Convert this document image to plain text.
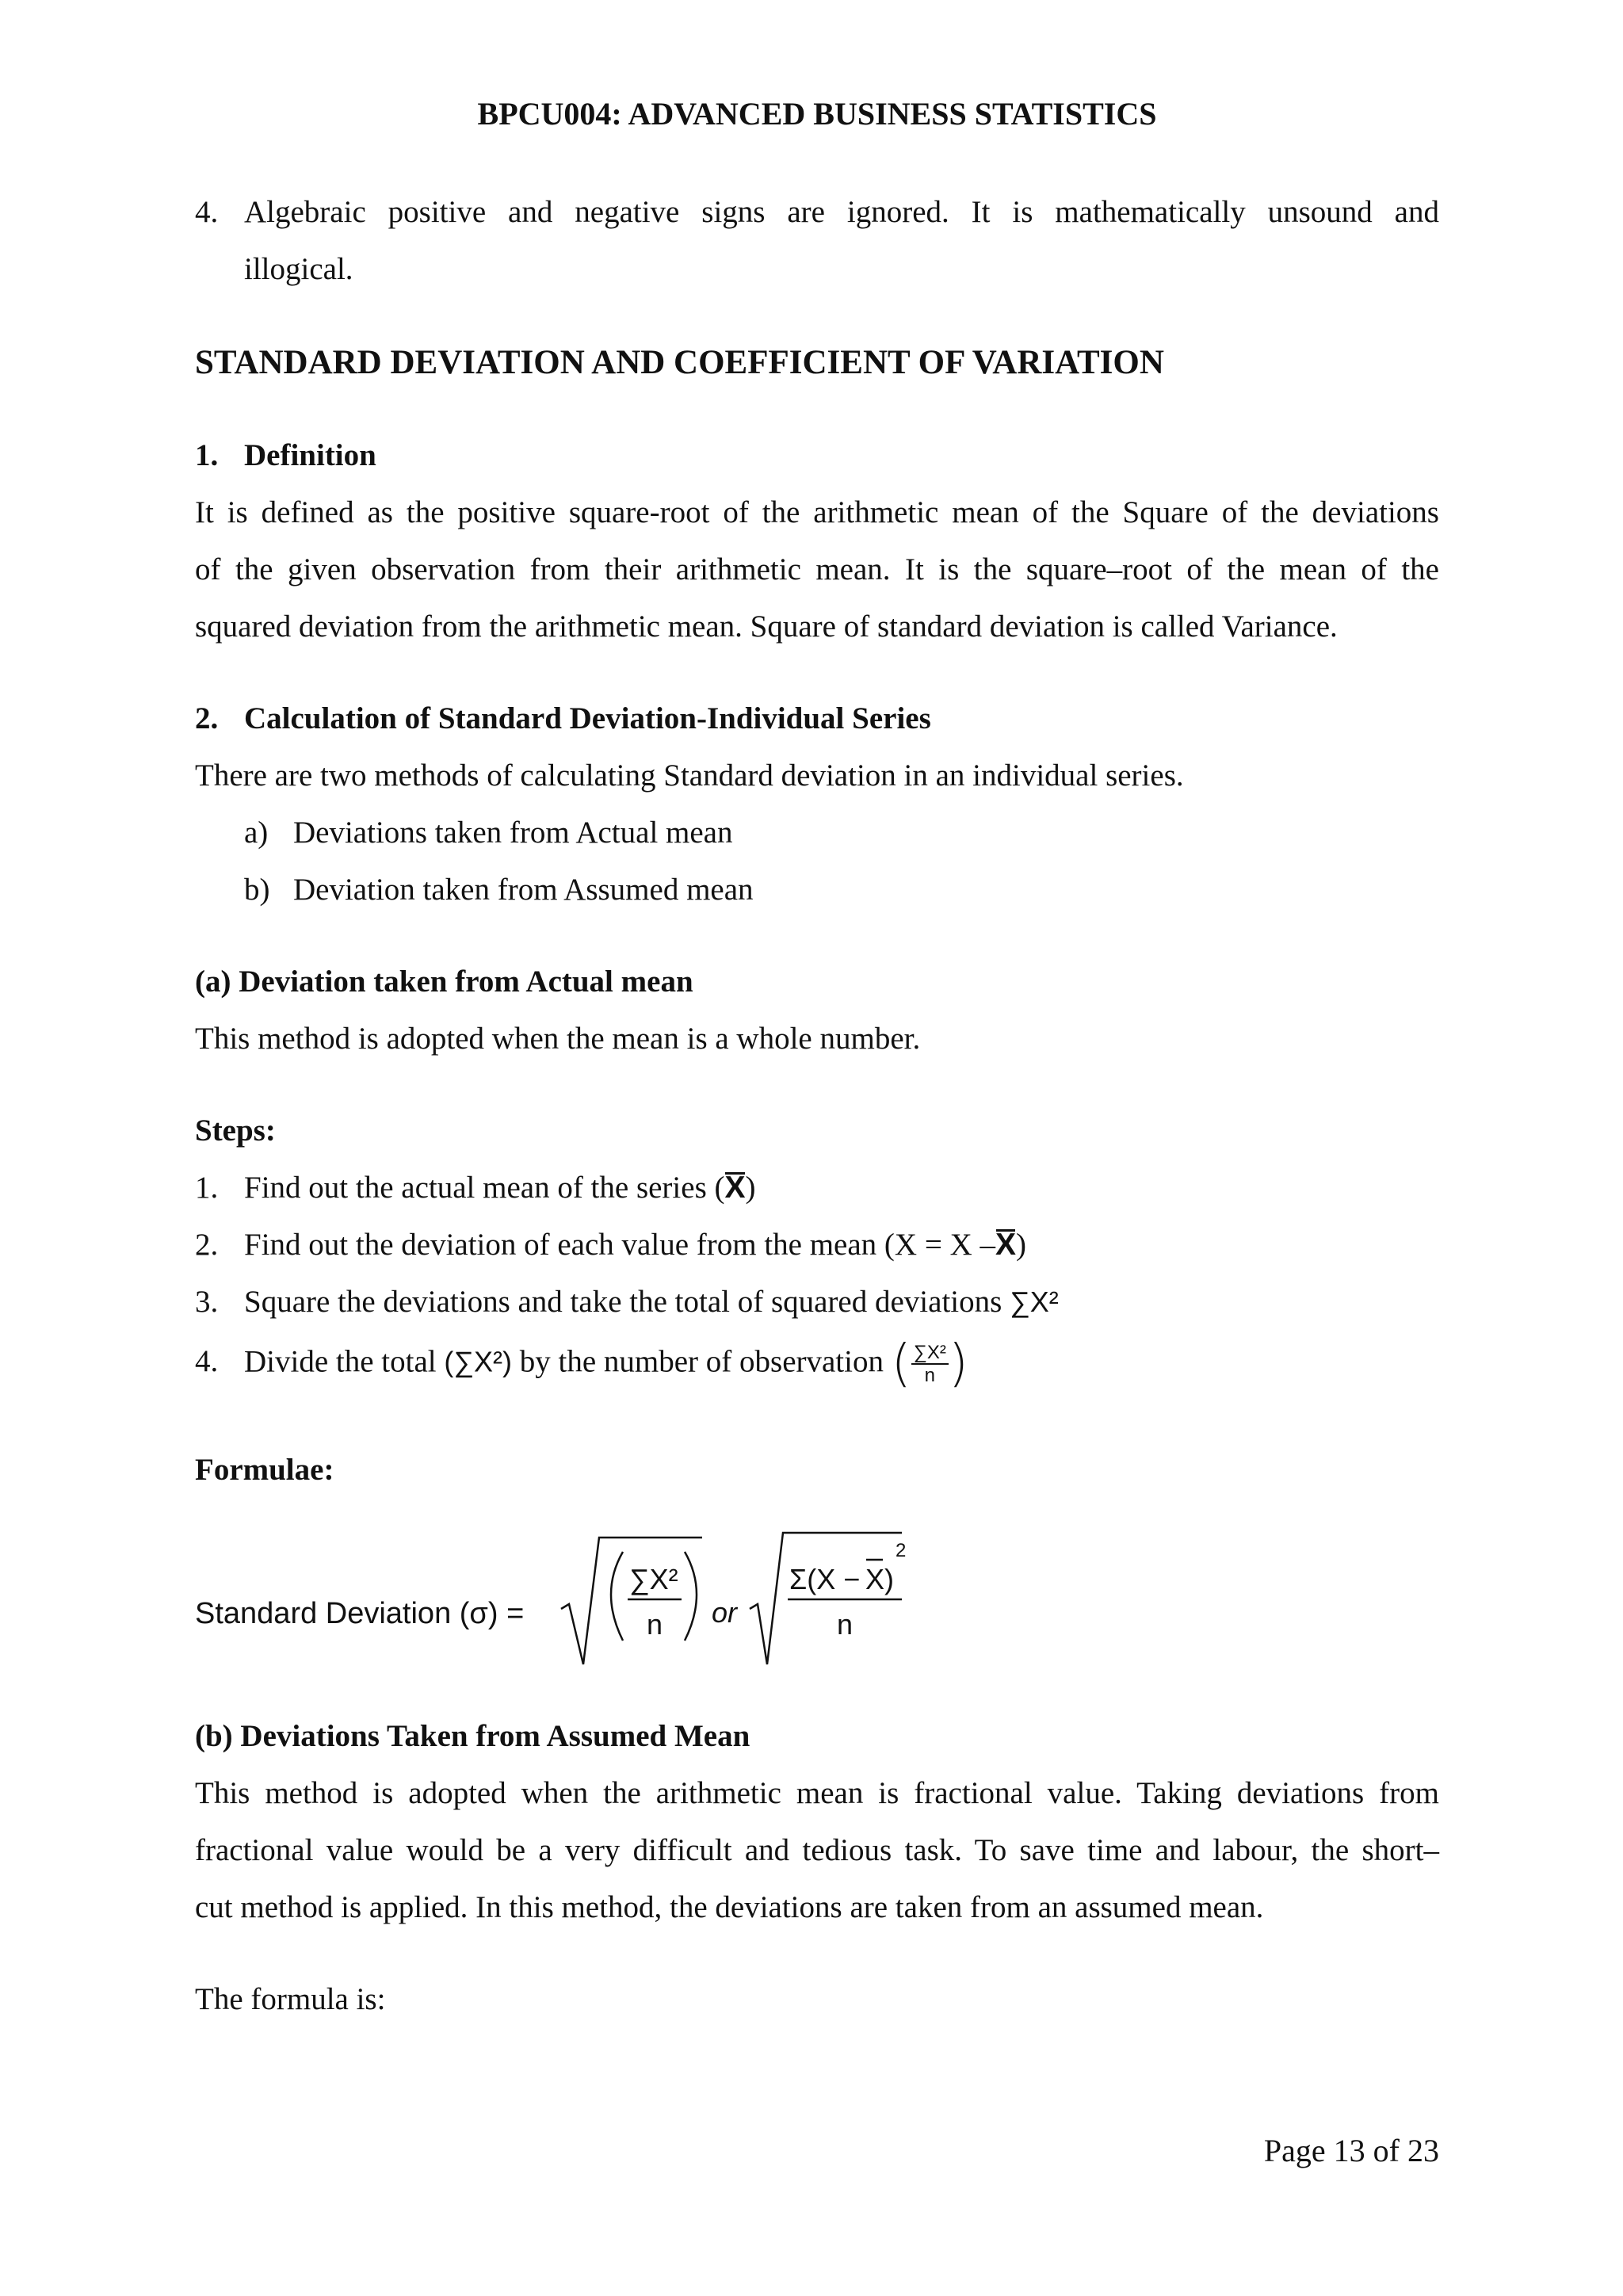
BPCU004: ADVANCED BUSINESS STATISTICS
4. Algebraic positive and negative signs are ignored. It is mathematically unsound and
illogical.
STANDARD DEVIATION AND COEFFICIENT OF VARIATION
1. Definition
It is defined as the positive square-root of the arithmetic mean of the Square of the deviations
of the given observation from their arithmetic mean. It is the square–root of the mean of the
squared deviation from the arithmetic mean. Square of standard deviation is called Variance.
2. Calculation of Standard Deviation-Individual Series
There are two methods of calculating Standard deviation in an individual series.
a) Deviations taken from Actual mean
b) Deviation taken from Assumed mean
(a) Deviation taken from Actual mean
This method is adopted when the mean is a whole number.
Steps:
1. Find out the actual mean of the series (X)
2. Find out the deviation of each value from the mean (X = X –X)
3. Square the deviations and take the total of squared deviations ∑X²
4. Divide the total (∑X²) by the number of observation ( $\frac{\text{∑X²}}{n}$ )
Formulae:
Standard Deviation (σ) =
∑X²
n or
Σ(X − X )
2
n
(b) Deviations Taken from Assumed Mean
This method is adopted when the arithmetic mean is fractional value. Taking deviations from
fractional value would be a very difficult and tedious task. To save time and labour, the short–
cut method is applied. In this method, the deviations are taken from an assumed mean.
The formula is:
Page 13 of 23
